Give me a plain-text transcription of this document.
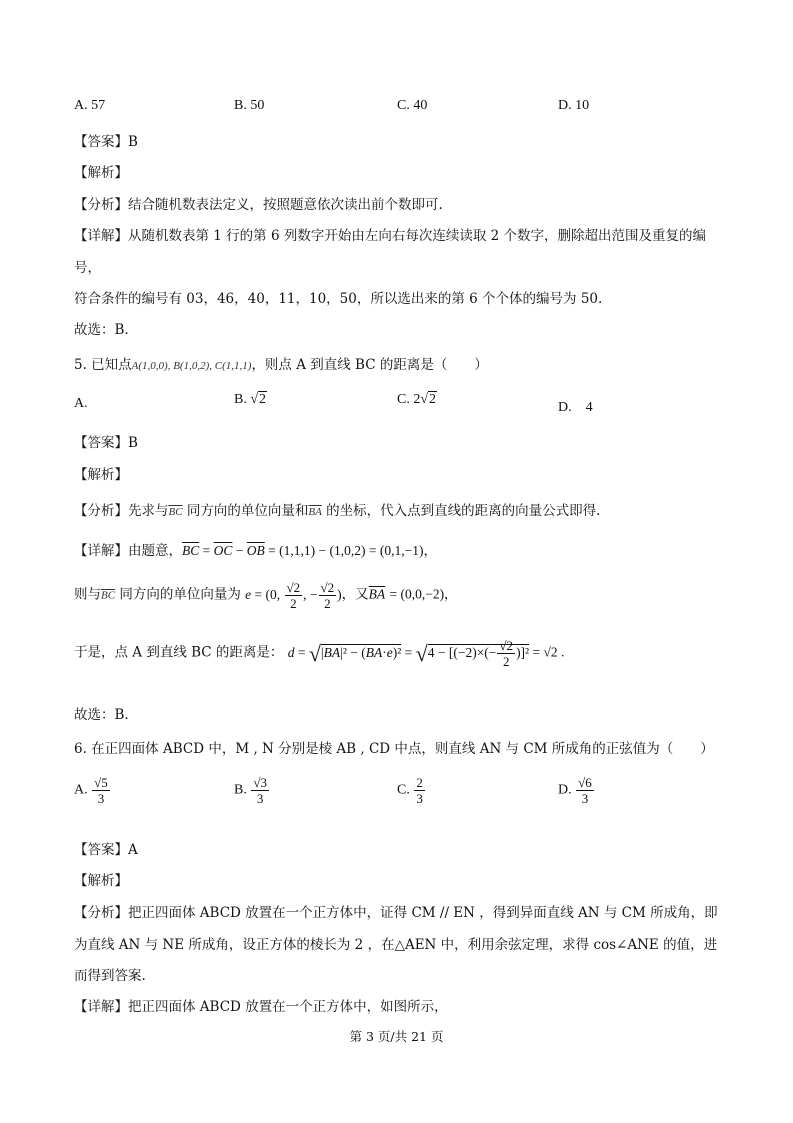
A. 57	B. 50	C. 40	D. 10
【答案】B
【解析】
【分析】结合随机数表法定义，按照题意依次读出前个数即可.
【详解】从随机数表第 1 行的第 6 列数字开始由左向右每次连续读取 2 个数字，删除超出范围及重复的编
号，
符合条件的编号有 03，46，40，11，10，50，所以选出来的第 6 个个体的编号为 50.
故选：B.
5. 已知点A(1,0,0), B(1,0,2), C(1,1,1)，则点 A 到直线 BC 的距离是（　　）
A.	B. √2	C. 2√2
D.　4
【答案】B
【解析】
【分析】先求与$\overline{BC}$ 同方向的单位向量和$\overline{BA}$ 的坐标，代入点到直线的距离的向量公式即得.
【详解】由题意，$\overline{BC} = \overline{OC} - \overline{OB} = (1,1,1) - (1,0,2) = (0,1,-1)$，
则与$\overline{BC}$ 同方向的单位向量为 e = (0, $\frac{√2}{2}$ , − $\frac{√2}{2}$ )，又$\overline{BA} = (0,0,-2)$，
于是，点 A 到直线 BC 的距离是： $d = √|\overline{BA}|^2 - (\overline{BA}\cdot e)^2 = √4 - [(-2)\times(- \frac{√2}{2} )]^2 = √2$ .
故选：B.
6. 在正四面体 ABCD 中，M , N 分别是棱 AB , CD 中点，则直线 AN 与 CM 所成角的正弦值为（　　）
A. $\frac{√5}{3}$	B. $\frac{√3}{3}$	C. $\frac{2}{3}$	D. $\frac{√6}{3}$
【答案】A
【解析】
【分析】把正四面体 ABCD 放置在一个正方体中，证得 CM // EN ，得到异面直线 AN 与 CM 所成角，即
为直线 AN 与 NE 所成角，设正方体的棱长为 2 ，在△AEN 中，利用余弦定理，求得 cos∠ANE 的值，进
而得到答案.
【详解】把正四面体 ABCD 放置在一个正方体中，如图所示，
第 3 页/共 21 页
